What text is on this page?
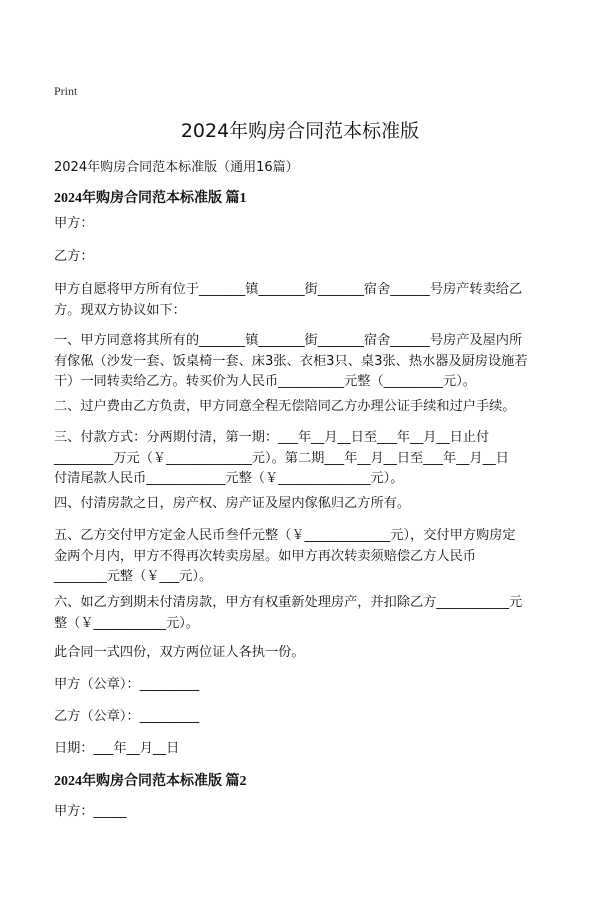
Print
2024年购房合同范本标准版
2024年购房合同范本标准版（通用16篇）
2024年购房合同范本标准版 篇1

甲方：

乙方：

甲方自愿将甲方所有位于_______镇_______街_______宿舍______号房产转卖给乙
方。现双方协议如下：
一、甲方同意将其所有的_______镇_______街_______宿舍______号房产及屋内所
有傢俬（沙发一套、饭桌椅一套、床3张、衣柜3只、桌3张、热水器及厨房设施若
干）一同转卖给乙方。转买价为人民币__________元整（_________元）。

二、过户费由乙方负责，甲方同意全程无偿陪同乙方办理公证手续和过户手续。

三、付款方式：分两期付清，第一期：___年__月__日至___年__月__日止付
_________万元（￥_____________元）。第二期___年__月__日至___年__月__日
付清尾款人民币____________元整（￥______________元）。

四、付清房款之日，房产权、房产证及屋内傢俬归乙方所有。

五、乙方交付甲方定金人民币叁仟元整（￥_____________元），交付甲方购房定
金两个月内，甲方不得再次转卖房屋。如甲方再次转卖须赔偿乙方人民币
________元整（￥___元）。
六、如乙方到期未付清房款，甲方有权重新处理房产，并扣除乙方___________元
整（￥___________元）。

此合同一式四份，双方两位证人各执一份。

甲方（公章）：_________

乙方（公章）：_________

日期：___年__月__日

2024年购房合同范本标准版 篇2

甲方：_____
